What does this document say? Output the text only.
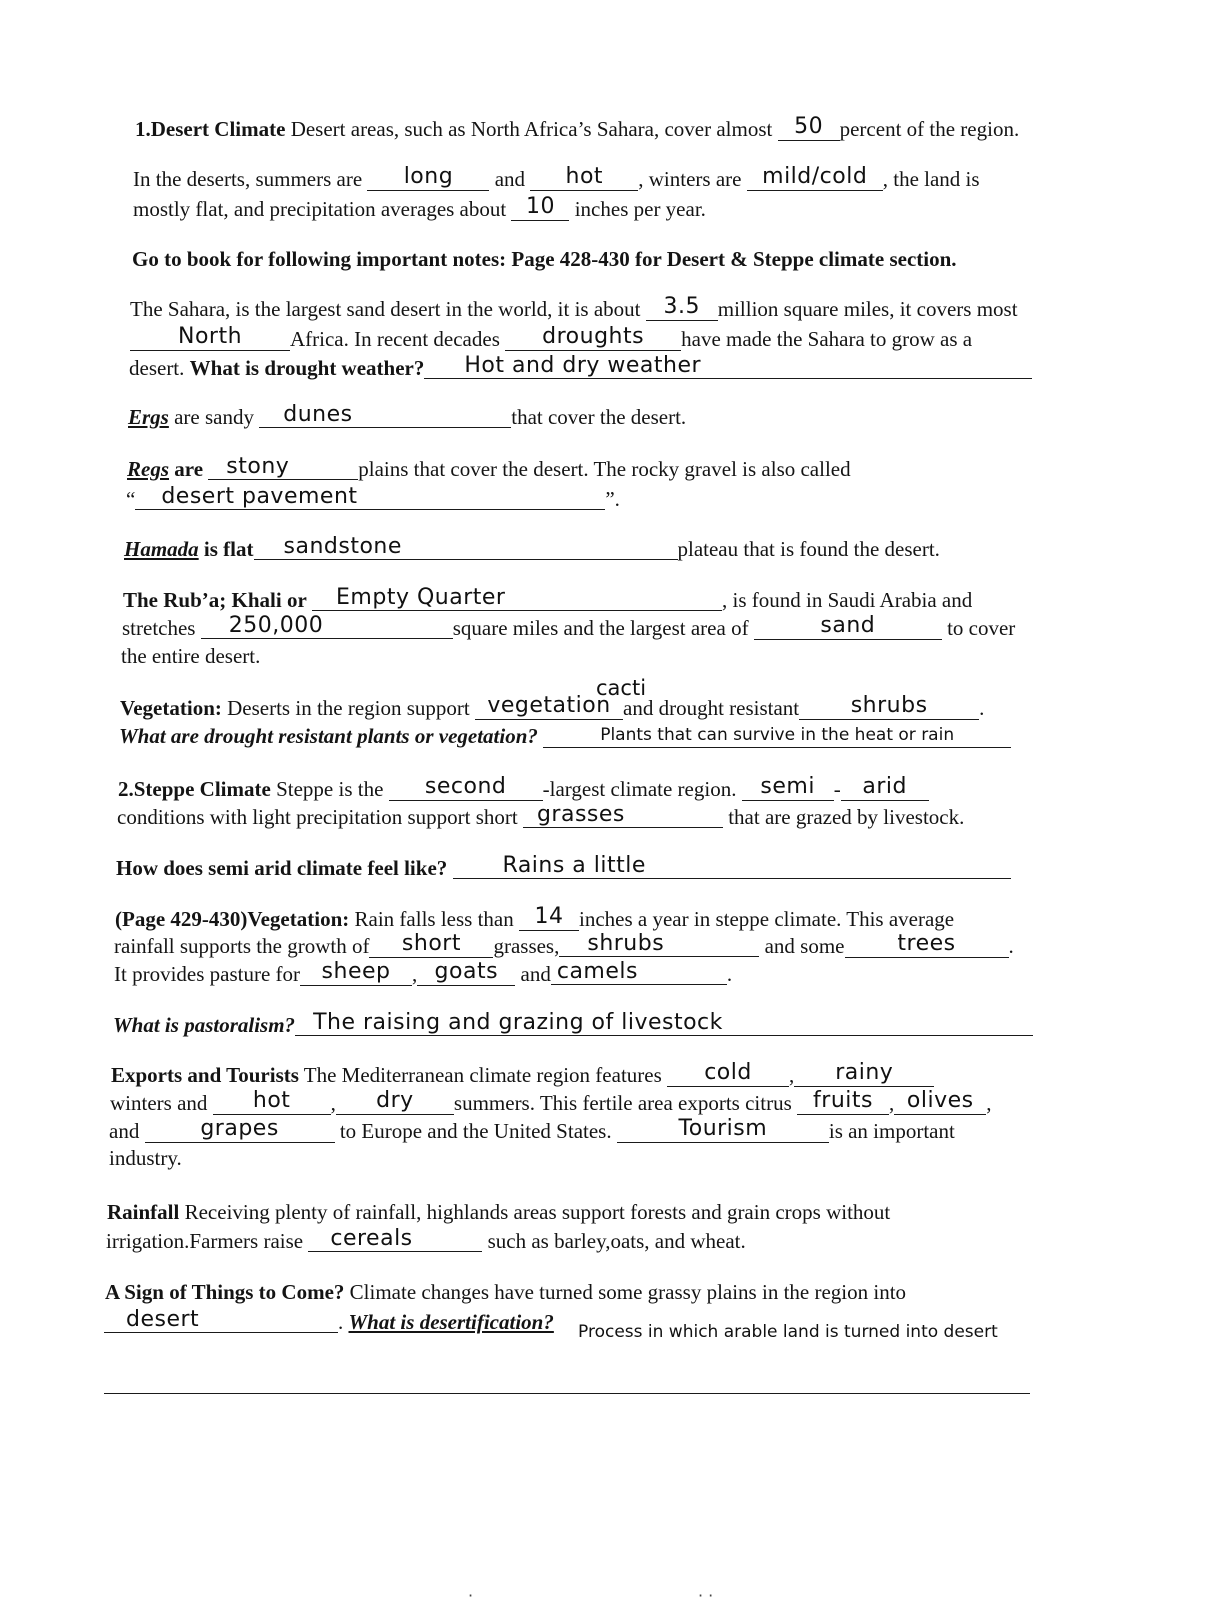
1.Desert Climate Desert areas, such as North Africa’s Sahara, cover almost 50 percent of the region.
In the deserts, summers are long and hot , winters are mild/cold , the land is
mostly flat, and precipitation averages about 10 inches per year.
Go to book for following important notes: Page 428-430 for Desert & Steppe climate section.
The Sahara, is the largest sand desert in the world, it is about 3.5 million square miles, it covers most
North Africa. In recent decades droughts have made the Sahara to grow as a
desert. What is drought weather? Hot and dry weather
Ergs are sandy dunes	that cover the desert.
Regs are stony	plains that cover the desert. The rocky gravel is also called
“ desert pavement	”.
Hamada is flat sandstone	plateau that is found the desert.
The Rub’a; Khali or Empty Quarter	, is found in Saudi Arabia and
stretches 250,000	square miles and the largest area of	sand	to cover
the entire desert.
cacti
Vegetation: Deserts in the region support vegetation and drought resistant shrubs .
What are drought resistant plants or vegetation?	Plants that can survive in the heat or rain
2.Steppe Climate Steppe is the second -largest climate region. semi - arid
conditions with light precipitation support short grasses	that are grazed by livestock.
How does semi arid climate feel like?	Rains a little
(Page 429-430)Vegetation: Rain falls less than 14 inches a year in steppe climate. This average
rainfall supports the growth of short grasses, shrubs	and some trees	.
It provides pasture for sheep , goats and camels	.
What is pastoralism? The raising and grazing of livestock
Exports and Tourists The Mediterranean climate region features cold , rainy
winters and hot , dry summers. This fertile area exports citrus fruits , olives ,
and	grapes	to Europe and the United States.	Tourism	is an important
industry.
Rainfall Receiving plenty of rainfall, highlands areas support forests and grain crops without
irrigation.Farmers raise cereals	such as barley,oats, and wheat.
A Sign of Things to Come? Climate changes have turned some grassy plains in the region into
desert	. What is desertification? Process in which arable land is turned into desert
·	· ·
